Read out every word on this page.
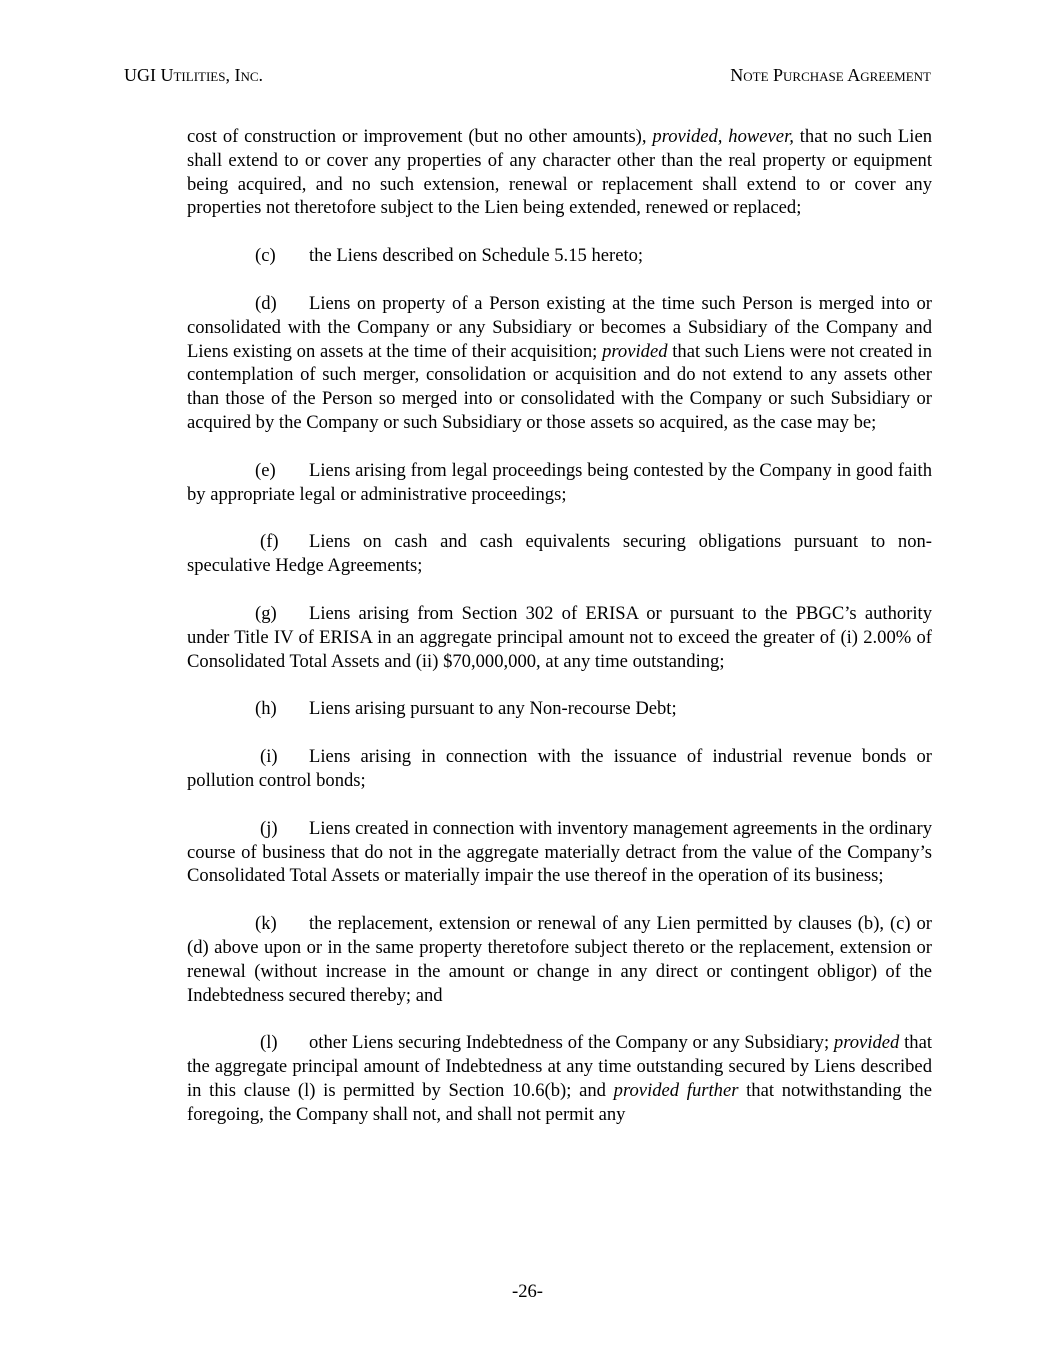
UGI Utilities, Inc.	Note Purchase Agreement

cost of construction or improvement (but no other amounts), provided, however, that no such Lien shall extend to or cover any properties of any character other than the real property or equipment being acquired, and no such extension, renewal or replacement shall extend to or cover any properties not theretofore subject to the Lien being extended, renewed or replaced;

(c) the Liens described on Schedule 5.15 hereto;

(d) Liens on property of a Person existing at the time such Person is merged into or consolidated with the Company or any Subsidiary or becomes a Subsidiary of the Company and Liens existing on assets at the time of their acquisition; provided that such Liens were not created in contemplation of such merger, consolidation or acquisition and do not extend to any assets other than those of the Person so merged into or consolidated with the Company or such Subsidiary or acquired by the Company or such Subsidiary or those assets so acquired, as the case may be;

(e) Liens arising from legal proceedings being contested by the Company in good faith by appropriate legal or administrative proceedings;

(f) Liens on cash and cash equivalents securing obligations pursuant to non-speculative Hedge Agreements;

(g) Liens arising from Section 302 of ERISA or pursuant to the PBGC’s authority under Title IV of ERISA in an aggregate principal amount not to exceed the greater of (i) 2.00% of Consolidated Total Assets and (ii) $70,000,000, at any time outstanding;

(h) Liens arising pursuant to any Non-recourse Debt;

(i) Liens arising in connection with the issuance of industrial revenue bonds or pollution control bonds;

(j) Liens created in connection with inventory management agreements in the ordinary course of business that do not in the aggregate materially detract from the value of the Company’s Consolidated Total Assets or materially impair the use thereof in the operation of its business;

(k) the replacement, extension or renewal of any Lien permitted by clauses (b), (c) or (d) above upon or in the same property theretofore subject thereto or the replacement, extension or renewal (without increase in the amount or change in any direct or contingent obligor) of the Indebtedness secured thereby; and

(l) other Liens securing Indebtedness of the Company or any Subsidiary; provided that the aggregate principal amount of Indebtedness at any time outstanding secured by Liens described in this clause (l) is permitted by Section 10.6(b); and provided further that notwithstanding the foregoing, the Company shall not, and shall not permit any

-26-
